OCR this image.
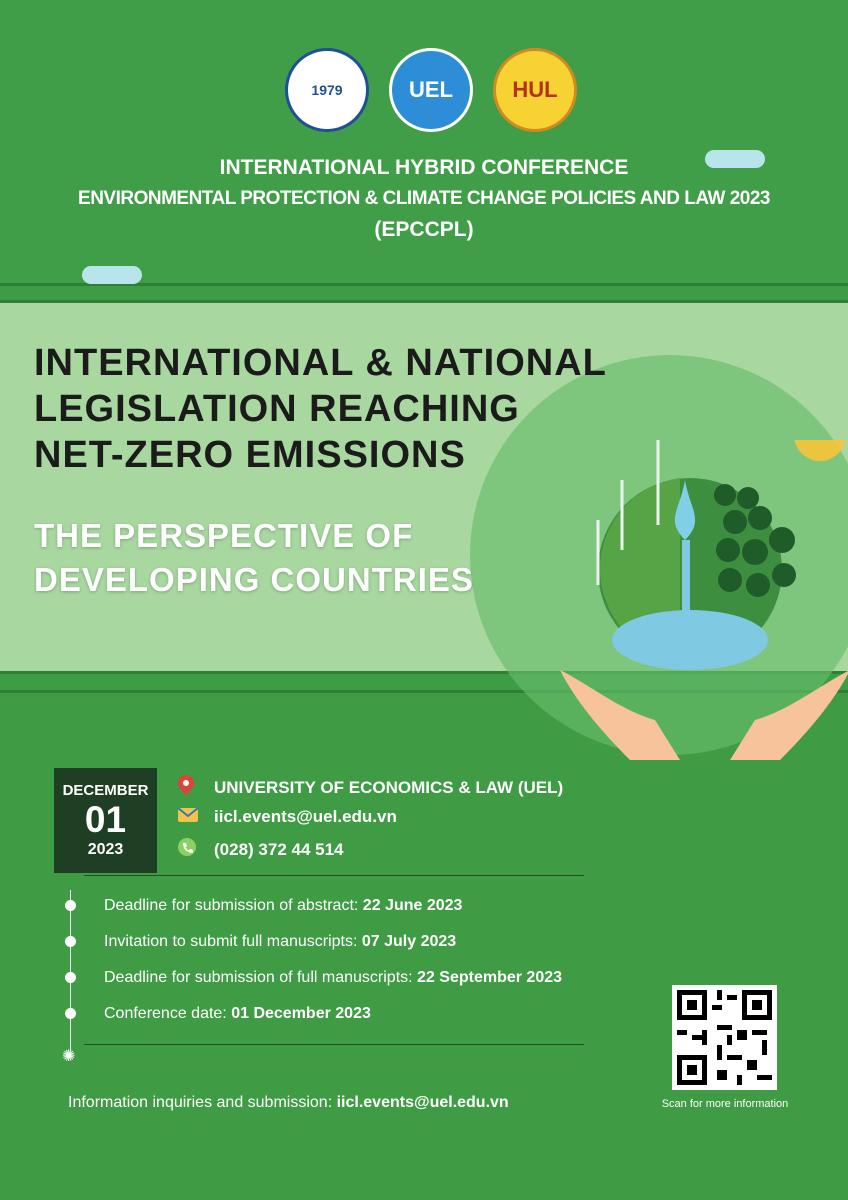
1979	UEL	HUL
INTERNATIONAL HYBRID CONFERENCE
ENVIRONMENTAL PROTECTION & CLIMATE CHANGE POLICIES AND LAW 2023
(EPCCPL)
INTERNATIONAL & NATIONAL
LEGISLATION REACHING
NET-ZERO EMISSIONS
THE PERSPECTIVE OF
DEVELOPING COUNTRIES
DECEMBER
01
2023
UNIVERSITY OF ECONOMICS & LAW (UEL)
iicl.events@uel.edu.vn
(028) 372 44 514
✺
Deadline for submission of abstract: 22 June 2023
Invitation to submit full manuscripts: 07 July 2023
Deadline for submission of full manuscripts: 22 September 2023
Conference date: 01 December 2023
Information inquiries and submission: iicl.events@uel.edu.vn	Scan for more information
